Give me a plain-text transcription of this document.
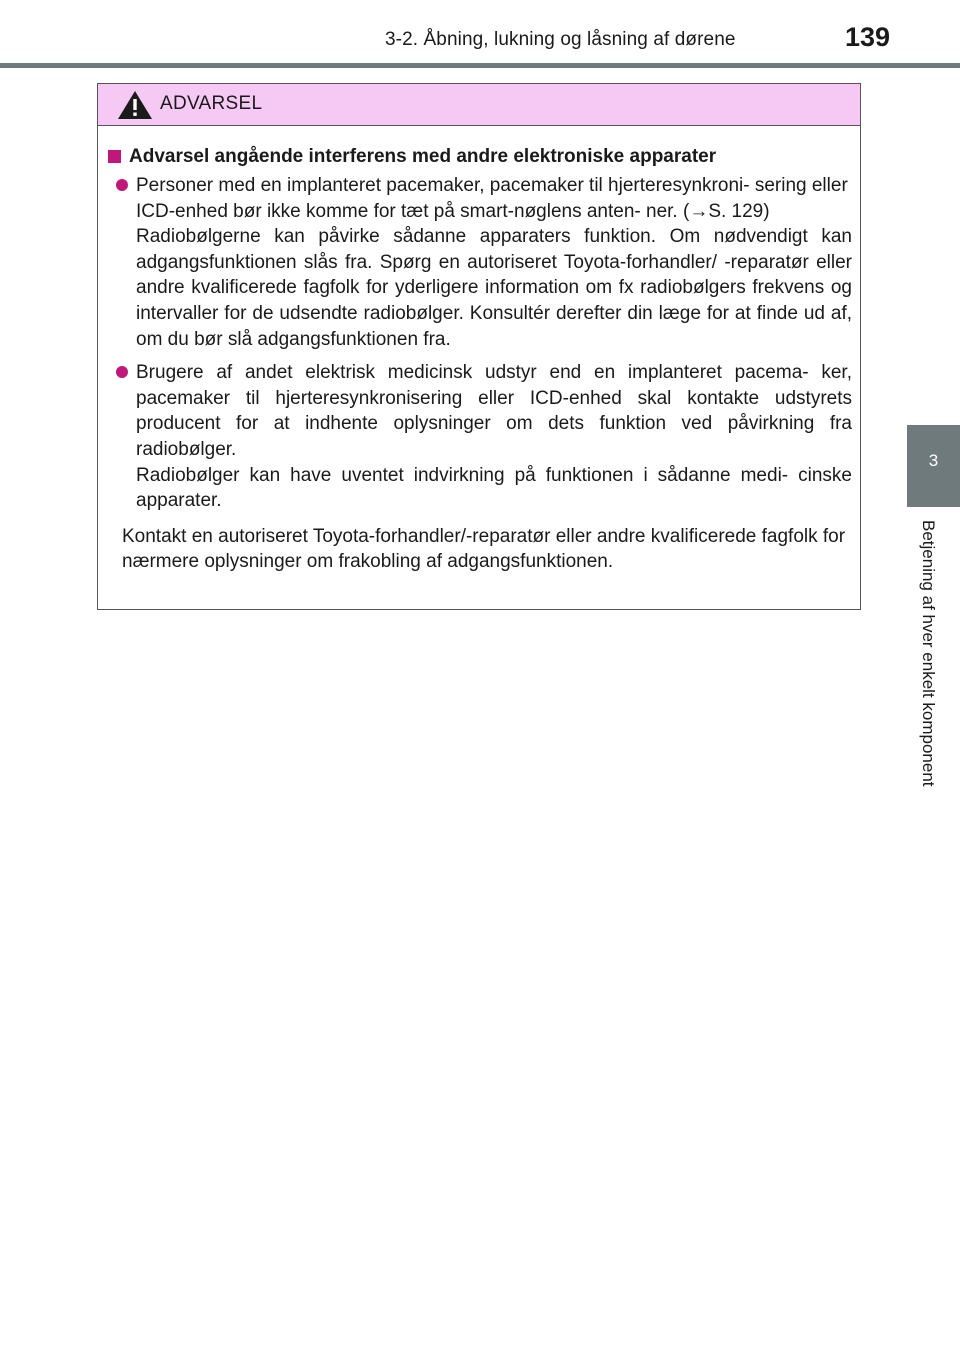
3-2. Åbning, lukning og låsning af dørene	139
3
Betjening af hver enkelt komponent
ADVARSEL
Advarsel angående interferens med andre elektroniske apparater

Personer med en implanteret pacemaker, pacemaker til hjerteresynkroni- sering eller ICD-enhed bør ikke komme for tæt på smart-nøglens anten- ner. (→S. 129)

Radiobølgerne kan påvirke sådanne apparaters funktion. Om nødvendigt kan adgangsfunktionen slås fra. Spørg en autoriseret Toyota-forhandler/ -reparatør eller andre kvalificerede fagfolk for yderligere information om fx radiobølgers frekvens og intervaller for de udsendte radiobølger. Konsultér derefter din læge for at finde ud af, om du bør slå adgangsfunktionen fra.

Brugere af andet elektrisk medicinsk udstyr end en implanteret pacema- ker, pacemaker til hjerteresynkronisering eller ICD-enhed skal kontakte udstyrets producent for at indhente oplysninger om dets funktion ved påvirkning fra radiobølger.

Radiobølger kan have uventet indvirkning på funktionen i sådanne medi- cinske apparater.

Kontakt en autoriseret Toyota-forhandler/-reparatør eller andre kvalificerede fagfolk for nærmere oplysninger om frakobling af adgangsfunktionen.
